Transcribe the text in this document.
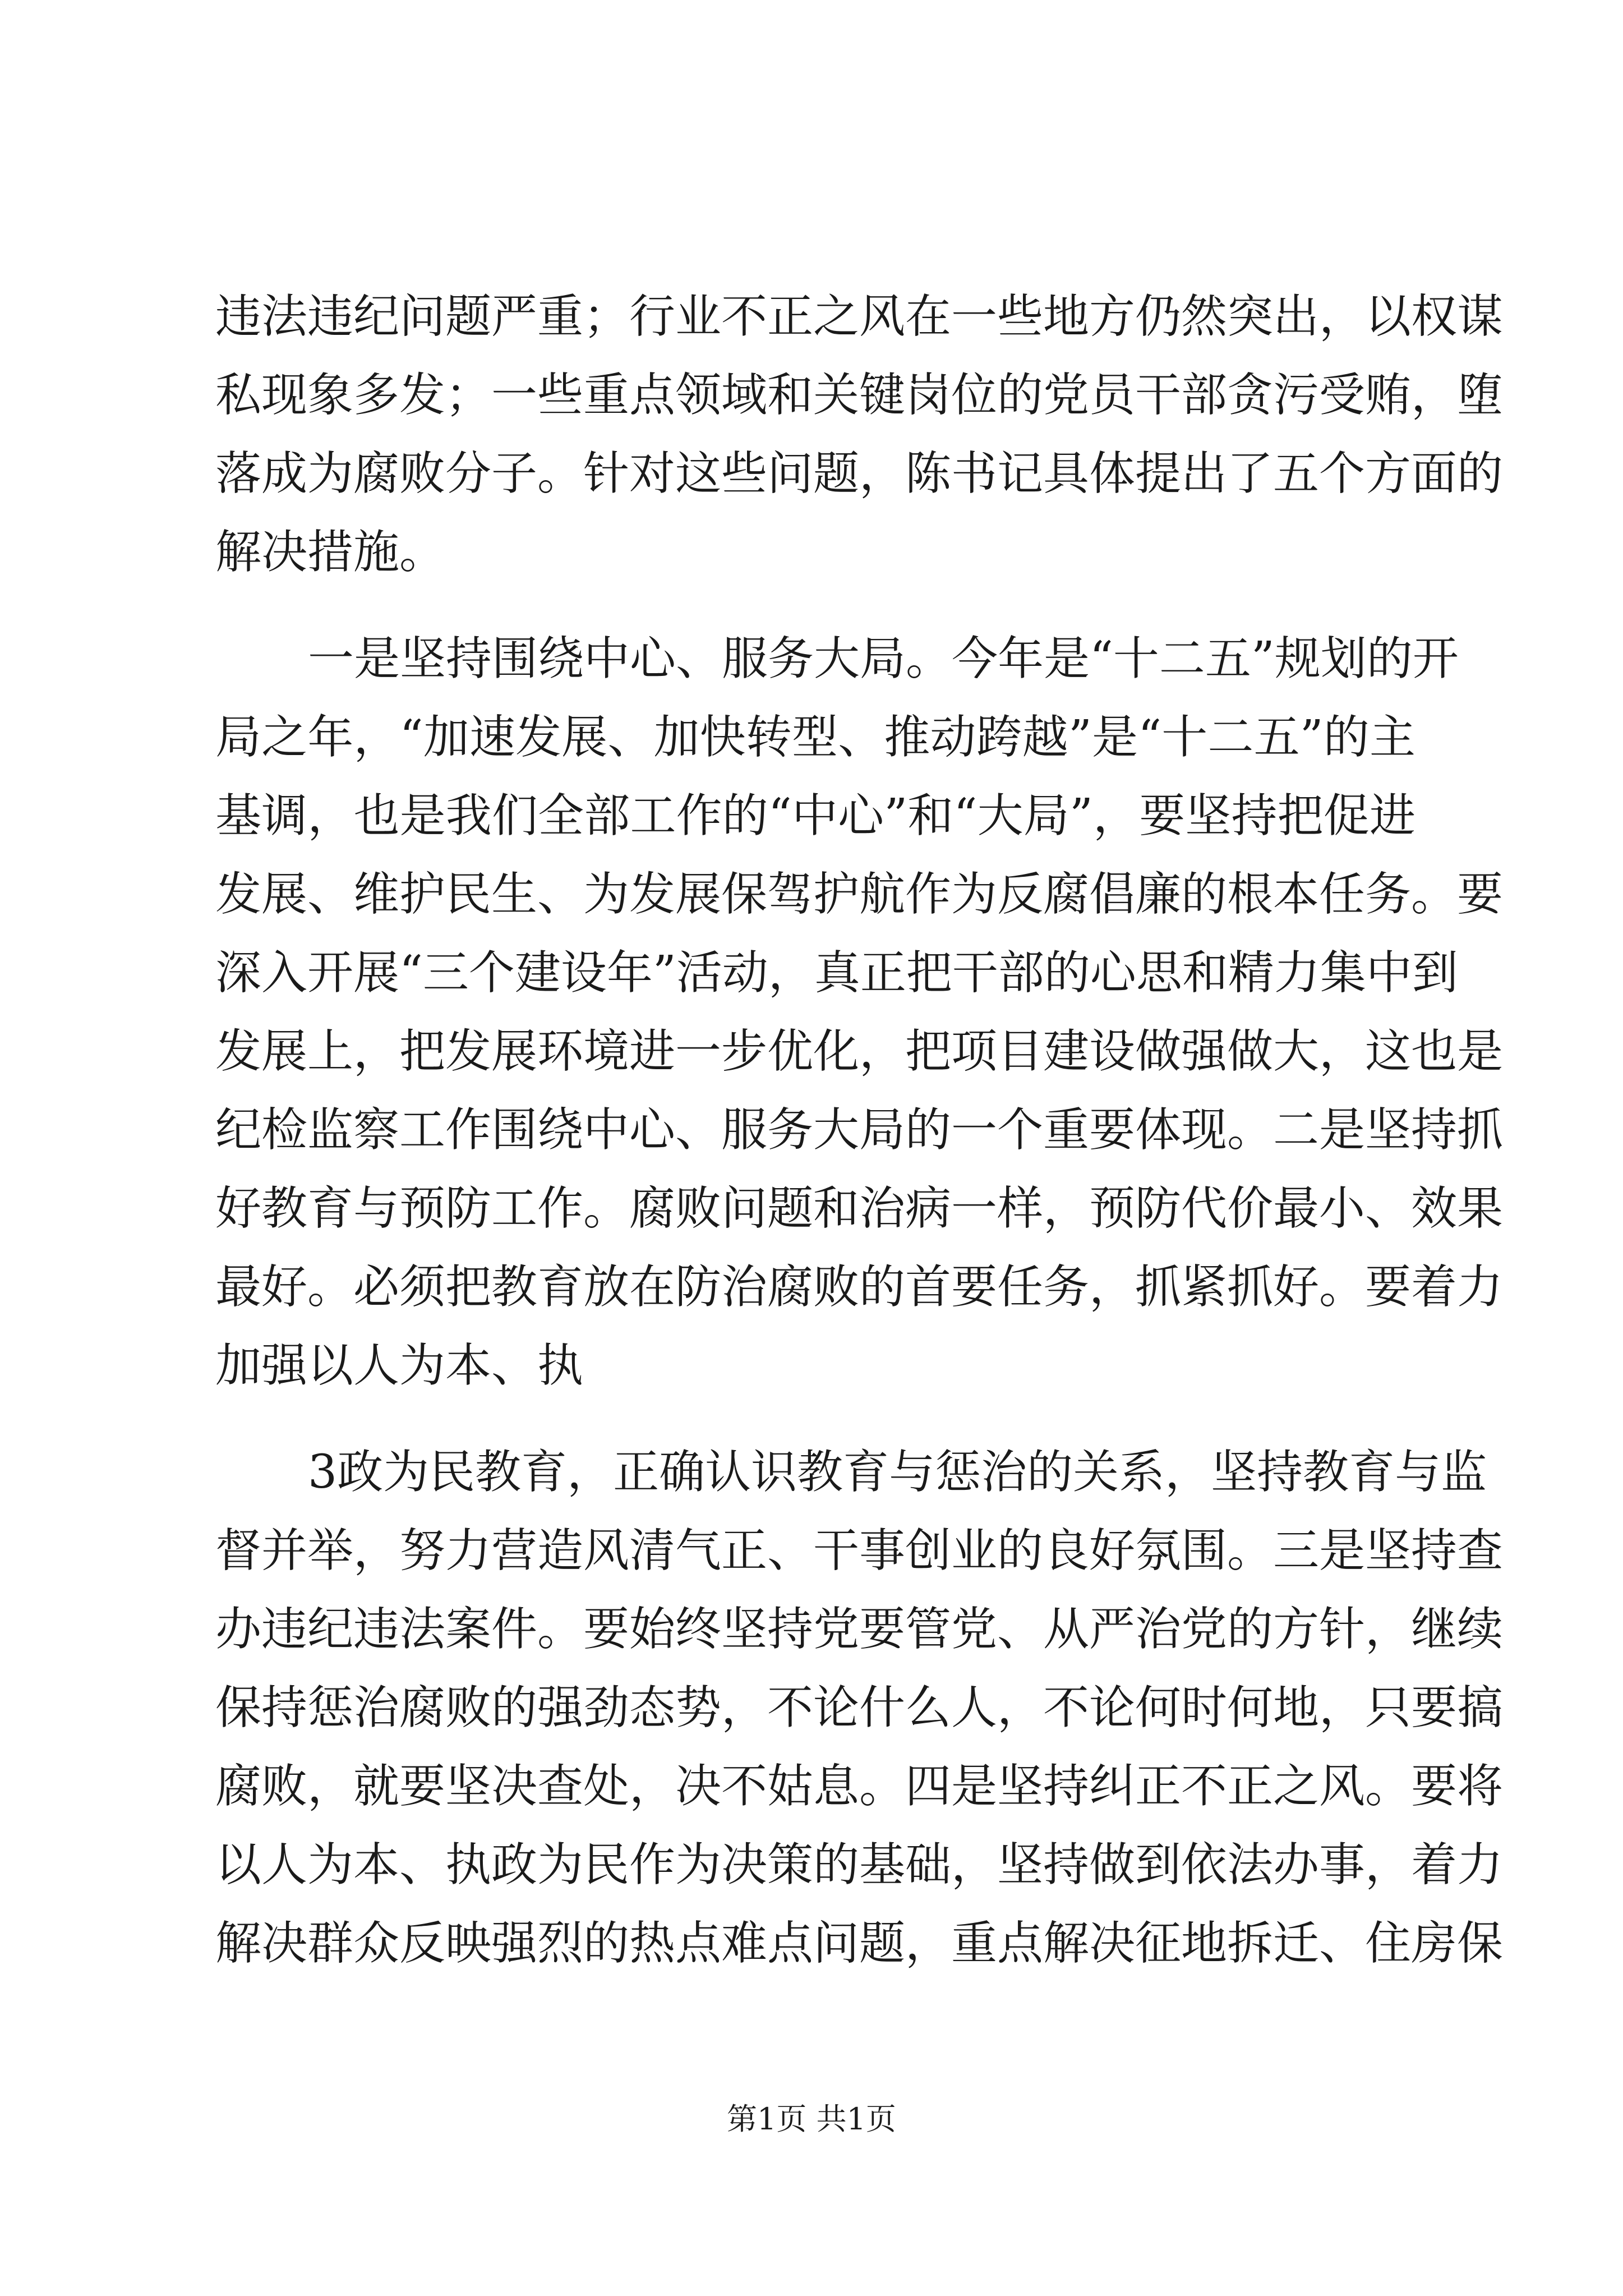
违法违纪问题严重；行业不正之风在一些地方仍然突出，以权谋
私现象多发；一些重点领域和关键岗位的党员干部贪污受贿，堕
落成为腐败分子。针对这些问题，陈书记具体提出了五个方面的
解决措施。
一是坚持围绕中心、服务大局。今年是“十二五”规划的开
局之年，“加速发展、加快转型、推动跨越”是“十二五”的主
基调，也是我们全部工作的“中心”和“大局”，要坚持把促进
发展、维护民生、为发展保驾护航作为反腐倡廉的根本任务。要
深入开展“三个建设年”活动，真正把干部的心思和精力集中到
发展上，把发展环境进一步优化，把项目建设做强做大，这也是
纪检监察工作围绕中心、服务大局的一个重要体现。二是坚持抓
好教育与预防工作。腐败问题和治病一样，预防代价最小、效果
最好。必须把教育放在防治腐败的首要任务，抓紧抓好。要着力
加强以人为本、执
3政为民教育，正确认识教育与惩治的关系，坚持教育与监
督并举，努力营造风清气正、干事创业的良好氛围。三是坚持查
办违纪违法案件。要始终坚持党要管党、从严治党的方针，继续
保持惩治腐败的强劲态势，不论什么人，不论何时何地，只要搞
腐败，就要坚决查处，决不姑息。四是坚持纠正不正之风。要将
以人为本、执政为民作为决策的基础，坚持做到依法办事，着力
解决群众反映强烈的热点难点问题，重点解决征地拆迁、住房保
第1页 共1页
